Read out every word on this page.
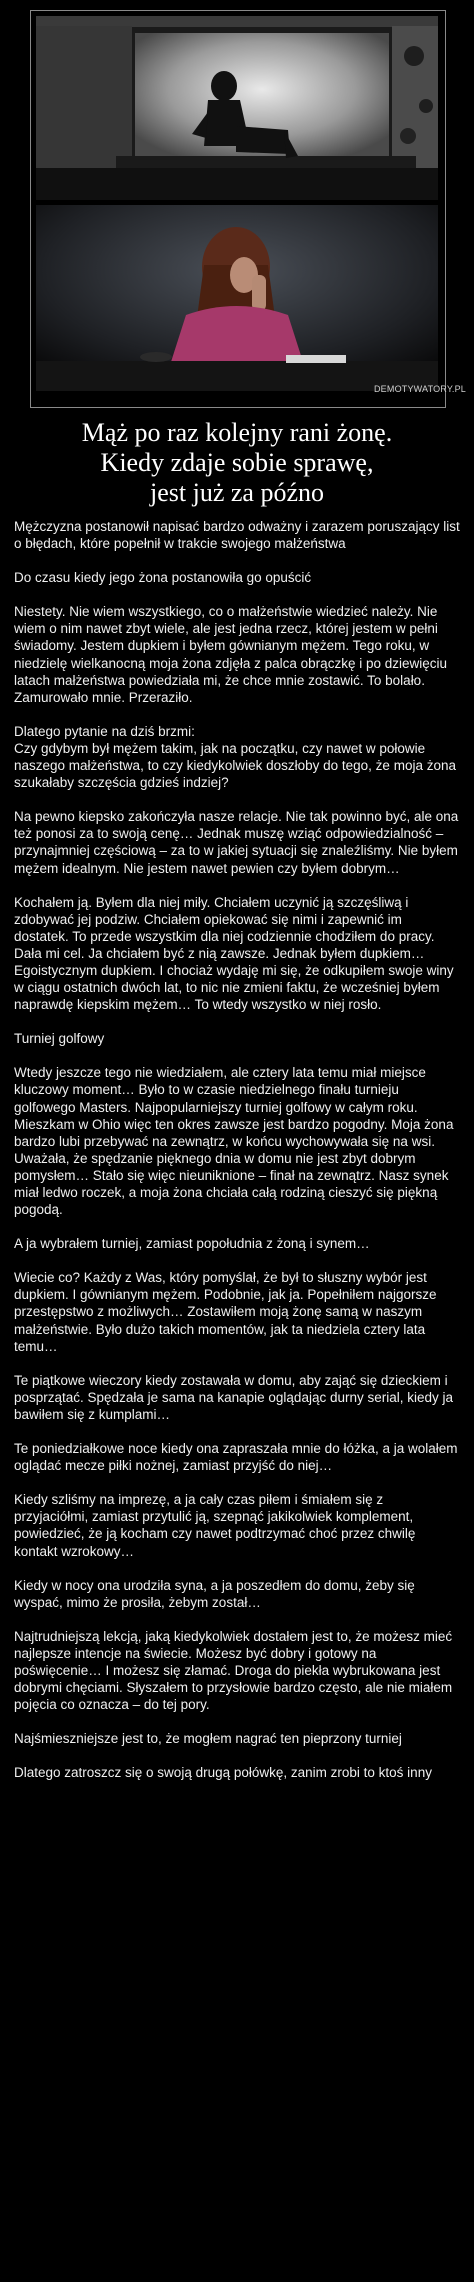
DEMOTYWATORY.PL
Mąż po raz kolejny rani żonę.
Kiedy zdaje sobie sprawę,
jest już za późno

Mężczyzna postanowił napisać bardzo odważny i zarazem poruszający list o błędach, które popełnił w trakcie swojego małżeństwa

Do czasu kiedy jego żona postanowiła go opuścić

Niestety. Nie wiem wszystkiego, co o małżeństwie wiedzieć należy. Nie wiem o nim nawet zbyt wiele, ale jest jedna rzecz, której jestem w pełni świadomy. Jestem dupkiem i byłem gównianym mężem. Tego roku, w niedzielę wielkanocną moja żona zdjęła z palca obrączkę i po dziewięciu latach małżeństwa powiedziała mi, że chce mnie zostawić. To bolało. Zamurowało mnie. Przeraziło.

Dlatego pytanie na dziś brzmi:
Czy gdybym był mężem takim, jak na początku, czy nawet w połowie naszego małżeństwa, to czy kiedykolwiek doszłoby do tego, że moja żona szukałaby szczęścia gdzieś indziej?

Na pewno kiepsko zakończyła nasze relacje. Nie tak powinno być, ale ona też ponosi za to swoją cenę… Jednak muszę wziąć odpowiedzialność – przynajmniej częściową – za to w jakiej sytuacji się znaleźliśmy. Nie byłem mężem idealnym. Nie jestem nawet pewien czy byłem dobrym…

Kochałem ją. Byłem dla niej miły. Chciałem uczynić ją szczęśliwą i zdobywać jej podziw. Chciałem opiekować się nimi i zapewnić im dostatek. To przede wszystkim dla niej codziennie chodziłem do pracy. Dała mi cel. Ja chciałem być z nią zawsze. Jednak byłem dupkiem… Egoistycznym dupkiem. I chociaż wydaję mi się, że odkupiłem swoje winy w ciągu ostatnich dwóch lat, to nic nie zmieni faktu, że wcześniej byłem naprawdę kiepskim mężem… To wtedy wszystko w niej rosło.

Turniej golfowy

Wtedy jeszcze tego nie wiedziałem, ale cztery lata temu miał miejsce kluczowy moment… Było to w czasie niedzielnego finału turnieju golfowego Masters. Najpopularniejszy turniej golfowy w całym roku. Mieszkam w Ohio więc ten okres zawsze jest bardzo pogodny. Moja żona bardzo lubi przebywać na zewnątrz, w końcu wychowywała się na wsi. Uważała, że spędzanie pięknego dnia w domu nie jest zbyt dobrym pomysłem… Stało się więc nieuniknione – finał na zewnątrz. Nasz synek miał ledwo roczek, a moja żona chciała całą rodziną cieszyć się piękną pogodą.

A ja wybrałem turniej, zamiast popołudnia z żoną i synem…

Wiecie co? Każdy z Was, który pomyślał, że był to słuszny wybór jest dupkiem. I gównianym mężem. Podobnie, jak ja. Popełniłem najgorsze przestępstwo z możliwych… Zostawiłem moją żonę samą w naszym małżeństwie. Było dużo takich momentów, jak ta niedziela cztery lata temu…

Te piątkowe wieczory kiedy zostawała w domu, aby zająć się dzieckiem i posprzątać. Spędzała je sama na kanapie oglądając durny serial, kiedy ja bawiłem się z kumplami…

Te poniedziałkowe noce kiedy ona zapraszała mnie do łóżka, a ja wolałem oglądać mecze piłki nożnej, zamiast przyjść do niej…

Kiedy szliśmy na imprezę, a ja cały czas piłem i śmiałem się z przyjaciółmi, zamiast przytulić ją, szepnąć jakikolwiek komplement, powiedzieć, że ją kocham czy nawet podtrzymać choć przez chwilę kontakt wzrokowy…

Kiedy w nocy ona urodziła syna, a ja poszedłem do domu, żeby się wyspać, mimo że prosiła, żebym został…

Najtrudniejszą lekcją, jaką kiedykolwiek dostałem jest to, że możesz mieć najlepsze intencje na świecie. Możesz być dobry i gotowy na poświęcenie… I możesz się złamać. Droga do piekła wybrukowana jest dobrymi chęciami. Słyszałem to przysłowie bardzo często, ale nie miałem pojęcia co oznacza – do tej pory.

Najśmieszniejsze jest to, że mogłem nagrać ten pieprzony turniej

Dlatego zatroszcz się o swoją drugą połówkę, zanim zrobi to ktoś inny
